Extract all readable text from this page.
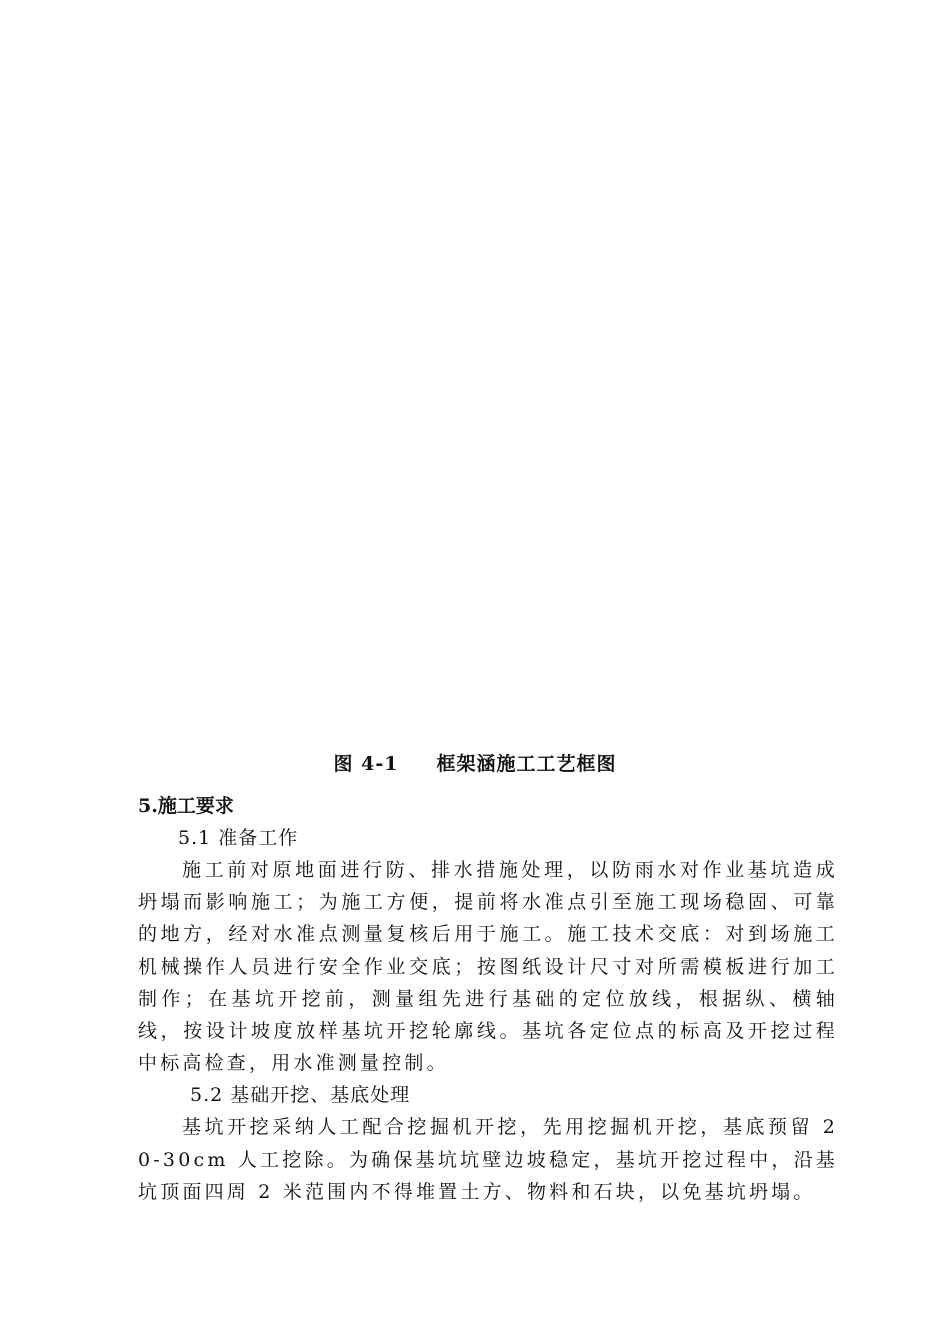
图 4-1     框架涵施工工艺框图
5.施工要求

5.1 准备工作

施工前对原地面进行防、排水措施处理，以防雨水对作业基坑造成坍塌而影响施工；为施工方便，提前将水准点引至施工现场稳固、可靠的地方，经对水准点测量复核后用于施工。施工技术交底：对到场施工机械操作人员进行安全作业交底；按图纸设计尺寸对所需模板进行加工制作；在基坑开挖前，测量组先进行基础的定位放线，根据纵、横轴线，按设计坡度放样基坑开挖轮廓线。基坑各定位点的标高及开挖过程中标高检查，用水准测量控制。

5.2 基础开挖、基底处理

基坑开挖采纳人工配合挖掘机开挖，先用挖掘机开挖，基底预留 20-30cm 人工挖除。为确保基坑坑壁边坡稳定，基坑开挖过程中，沿基坑顶面四周 2 米范围内不得堆置土方、物料和石块，以免基坑坍塌。
